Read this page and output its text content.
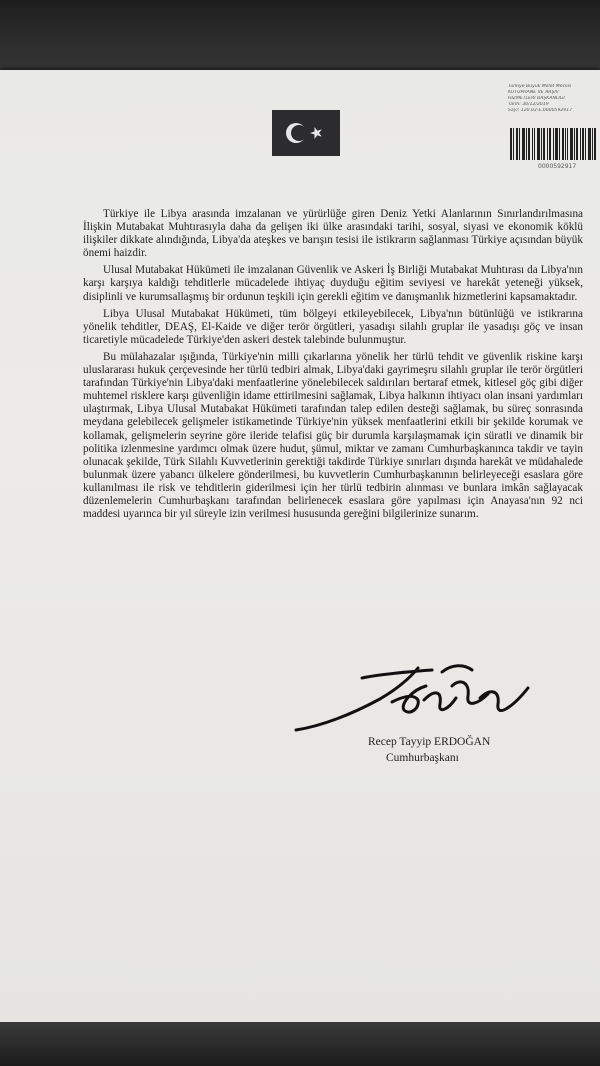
Türkiye Büyük Millet Meclisi
KÜTÜPHANE VE ARŞİV
HİZMETLERİ BAŞKANLIĞI
Tarih: 30/12/2019
Sayı: 120.03-E.0000592917
0000592917

Türkiye ile Libya arasında imzalanan ve yürürlüğe giren Deniz Yetki Alanlarının Sınırlandırılmasına İlişkin Mutabakat Muhtırasıyla daha da gelişen iki ülke arasındaki tarihi, sosyal, siyasi ve ekonomik köklü ilişkiler dikkate alındığında, Libya'da ateşkes ve barışın tesisi ile istikrarın sağlanması Türkiye açısından büyük önemi haizdir.

Ulusal Mutabakat Hükümeti ile imzalanan Güvenlik ve Askeri İş Birliği Mutabakat Muhtırası da Libya'nın karşı karşıya kaldığı tehditlerle mücadelede ihtiyaç duyduğu eğitim seviyesi ve harekât yeteneği yüksek, disiplinli ve kurumsallaşmış bir ordunun teşkili için gerekli eğitim ve danışmanlık hizmetlerini kapsamaktadır.

Libya Ulusal Mutabakat Hükümeti, tüm bölgeyi etkileyebilecek, Libya'nın bütünlüğü ve istikrarına yönelik tehditler, DEAŞ, El-Kaide ve diğer terör örgütleri, yasadışı silahlı gruplar ile yasadışı göç ve insan ticaretiyle mücadelede Türkiye'den askeri destek talebinde bulunmuştur.

Bu mülahazalar ışığında, Türkiye'nin milli çıkarlarına yönelik her türlü tehdit ve güvenlik riskine karşı uluslararası hukuk çerçevesinde her türlü tedbiri almak, Libya'daki gayrimeşru silahlı gruplar ile terör örgütleri tarafından Türkiye'nin Libya'daki menfaatlerine yönelebilecek saldırıları bertaraf etmek, kitlesel göç gibi diğer muhtemel risklere karşı güvenliğin idame ettirilmesini sağlamak, Libya halkının ihtiyacı olan insani yardımları ulaştırmak, Libya Ulusal Mutabakat Hükümeti tarafından talep edilen desteği sağlamak, bu süreç sonrasında meydana gelebilecek gelişmeler istikametinde Türkiye'nin yüksek menfaatlerini etkili bir şekilde korumak ve kollamak, gelişmelerin seyrine göre ileride telafisi güç bir durumla karşılaşmamak için süratli ve dinamik bir politika izlenmesine yardımcı olmak üzere hudut, şümul, miktar ve zamanı Cumhurbaşkanınca takdir ve tayin olunacak şekilde, Türk Silahlı Kuvvetlerinin gerektiği takdirde Türkiye sınırları dışında harekât ve müdahalede bulunmak üzere yabancı ülkelere gönderilmesi, bu kuvvetlerin Cumhurbaşkanının belirleyeceği esaslara göre kullanılması ile risk ve tehditlerin giderilmesi için her türlü tedbirin alınması ve bunlara imkân sağlayacak düzenlemelerin Cumhurbaşkanı tarafından belirlenecek esaslara göre yapılması için Anayasa'nın 92 nci maddesi uyarınca bir yıl süreyle izin verilmesi hususunda gereğini bilgilerinize sunarım.

Recep Tayyip ERDOĞAN
Cumhurbaşkanı
